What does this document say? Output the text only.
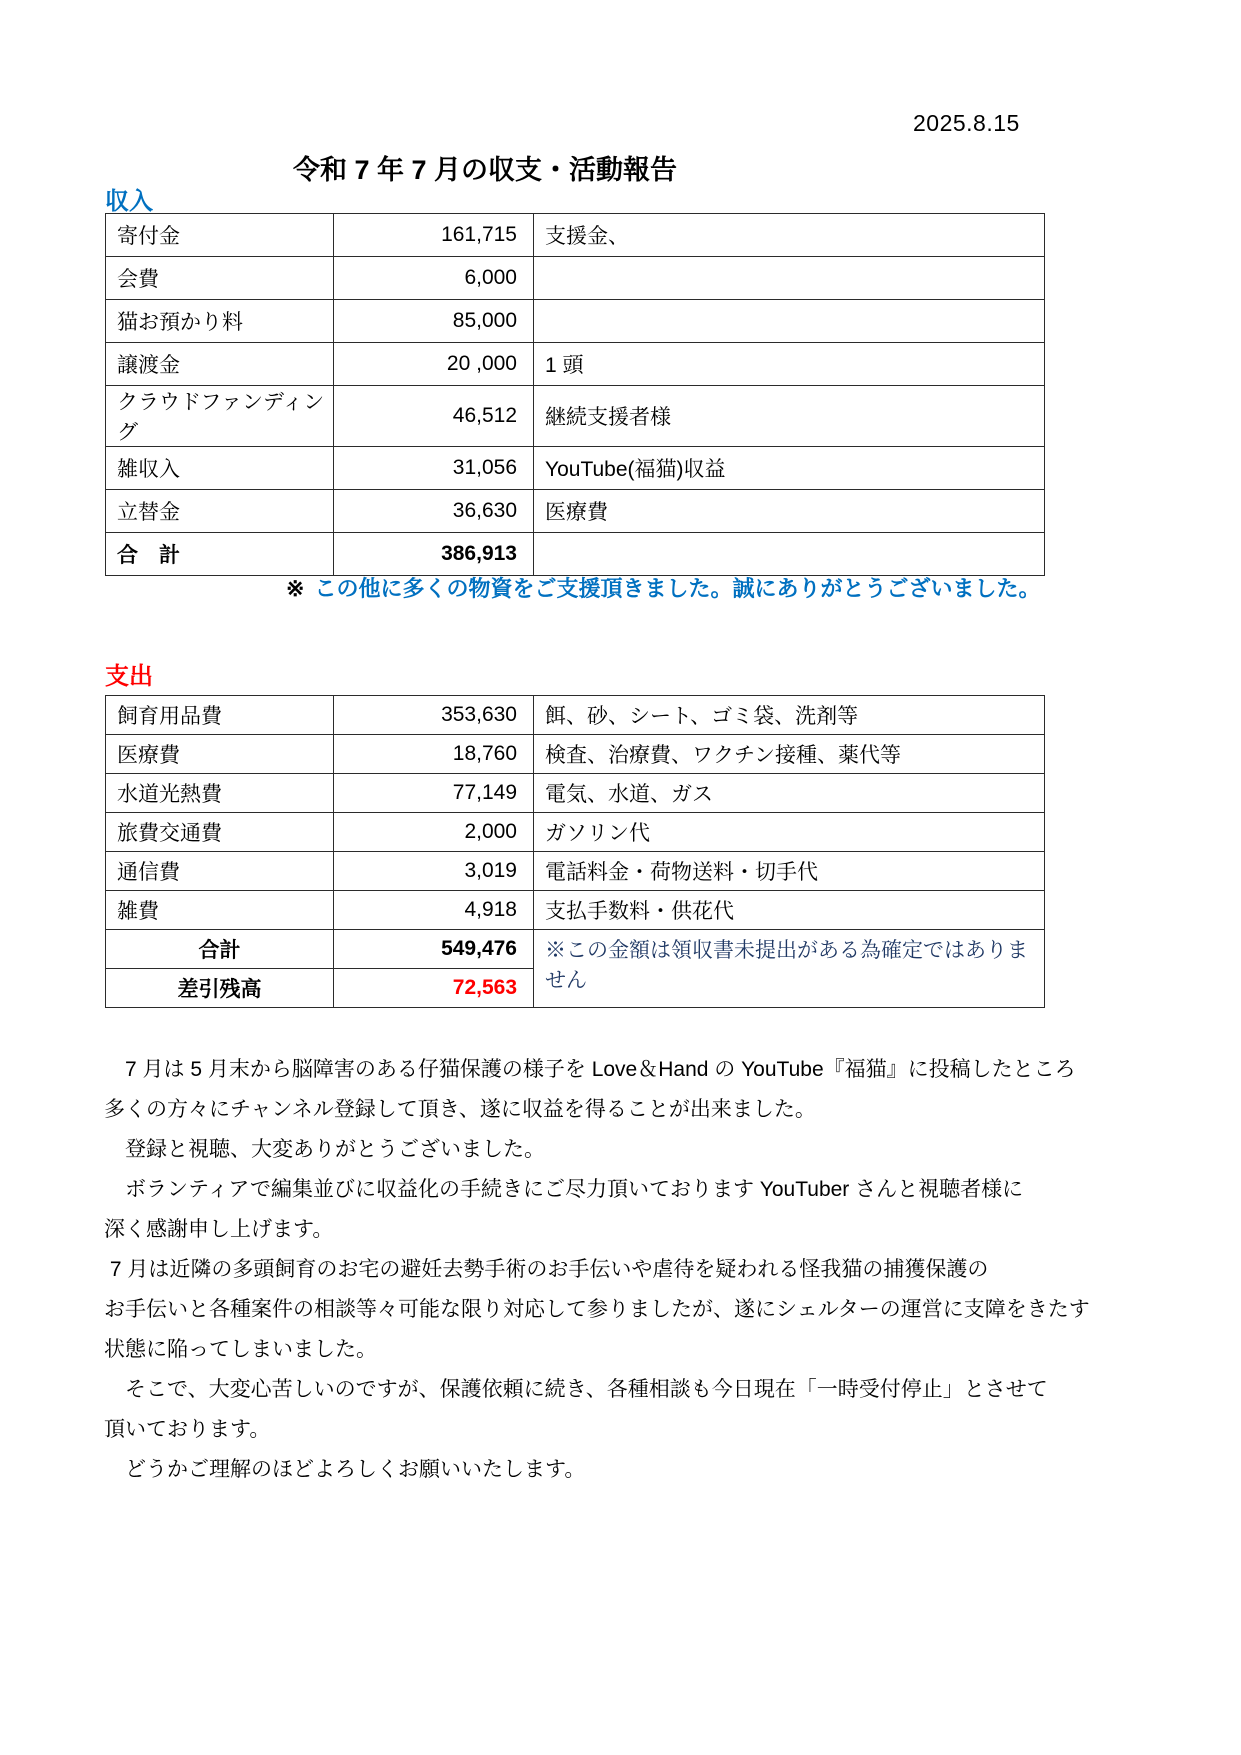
2025.8.15
令和 7 年 7 月の収支・活動報告
収入
寄付金	161,715	支援金、
会費	6,000	
猫お預かり料	85,000	
譲渡金	20 ,000	1 頭
クラウドファンディング	46,512	継続支援者様
雑収入	31,056	YouTube(福猫)収益
立替金	36,630	医療費
合　計	386,913	
※ この他に多くの物資をご支援頂きました。誠にありがとうございました。
支出
飼育用品費	353,630	餌、砂、シート、ゴミ袋、洗剤等
医療費	18,760	検査、治療費、ワクチン接種、薬代等
水道光熱費	77,149	電気、水道、ガス
旅費交通費	2,000	ガソリン代
通信費	3,019	電話料金・荷物送料・切手代
雑費	4,918	支払手数料・供花代
合計	549,476	※この金額は領収書未提出がある為確定ではありません
差引残高	72,563	
　7 月は 5 月末から脳障害のある仔猫保護の様子を Love＆Hand の YouTube『福猫』に投稿したところ
多くの方々にチャンネル登録して頂き、遂に収益を得ることが出来ました。
　登録と視聴、大変ありがとうございました。
　ボランティアで編集並びに収益化の手続きにご尽力頂いております YouTuber さんと視聴者様に
深く感謝申し上げます。
7 月は近隣の多頭飼育のお宅の避妊去勢手術のお手伝いや虐待を疑われる怪我猫の捕獲保護の
お手伝いと各種案件の相談等々可能な限り対応して参りましたが、遂にシェルターの運営に支障をきたす
状態に陥ってしまいました。
　そこで、大変心苦しいのですが、保護依頼に続き、各種相談も今日現在「一時受付停止」とさせて
頂いております。
　どうかご理解のほどよろしくお願いいたします。
